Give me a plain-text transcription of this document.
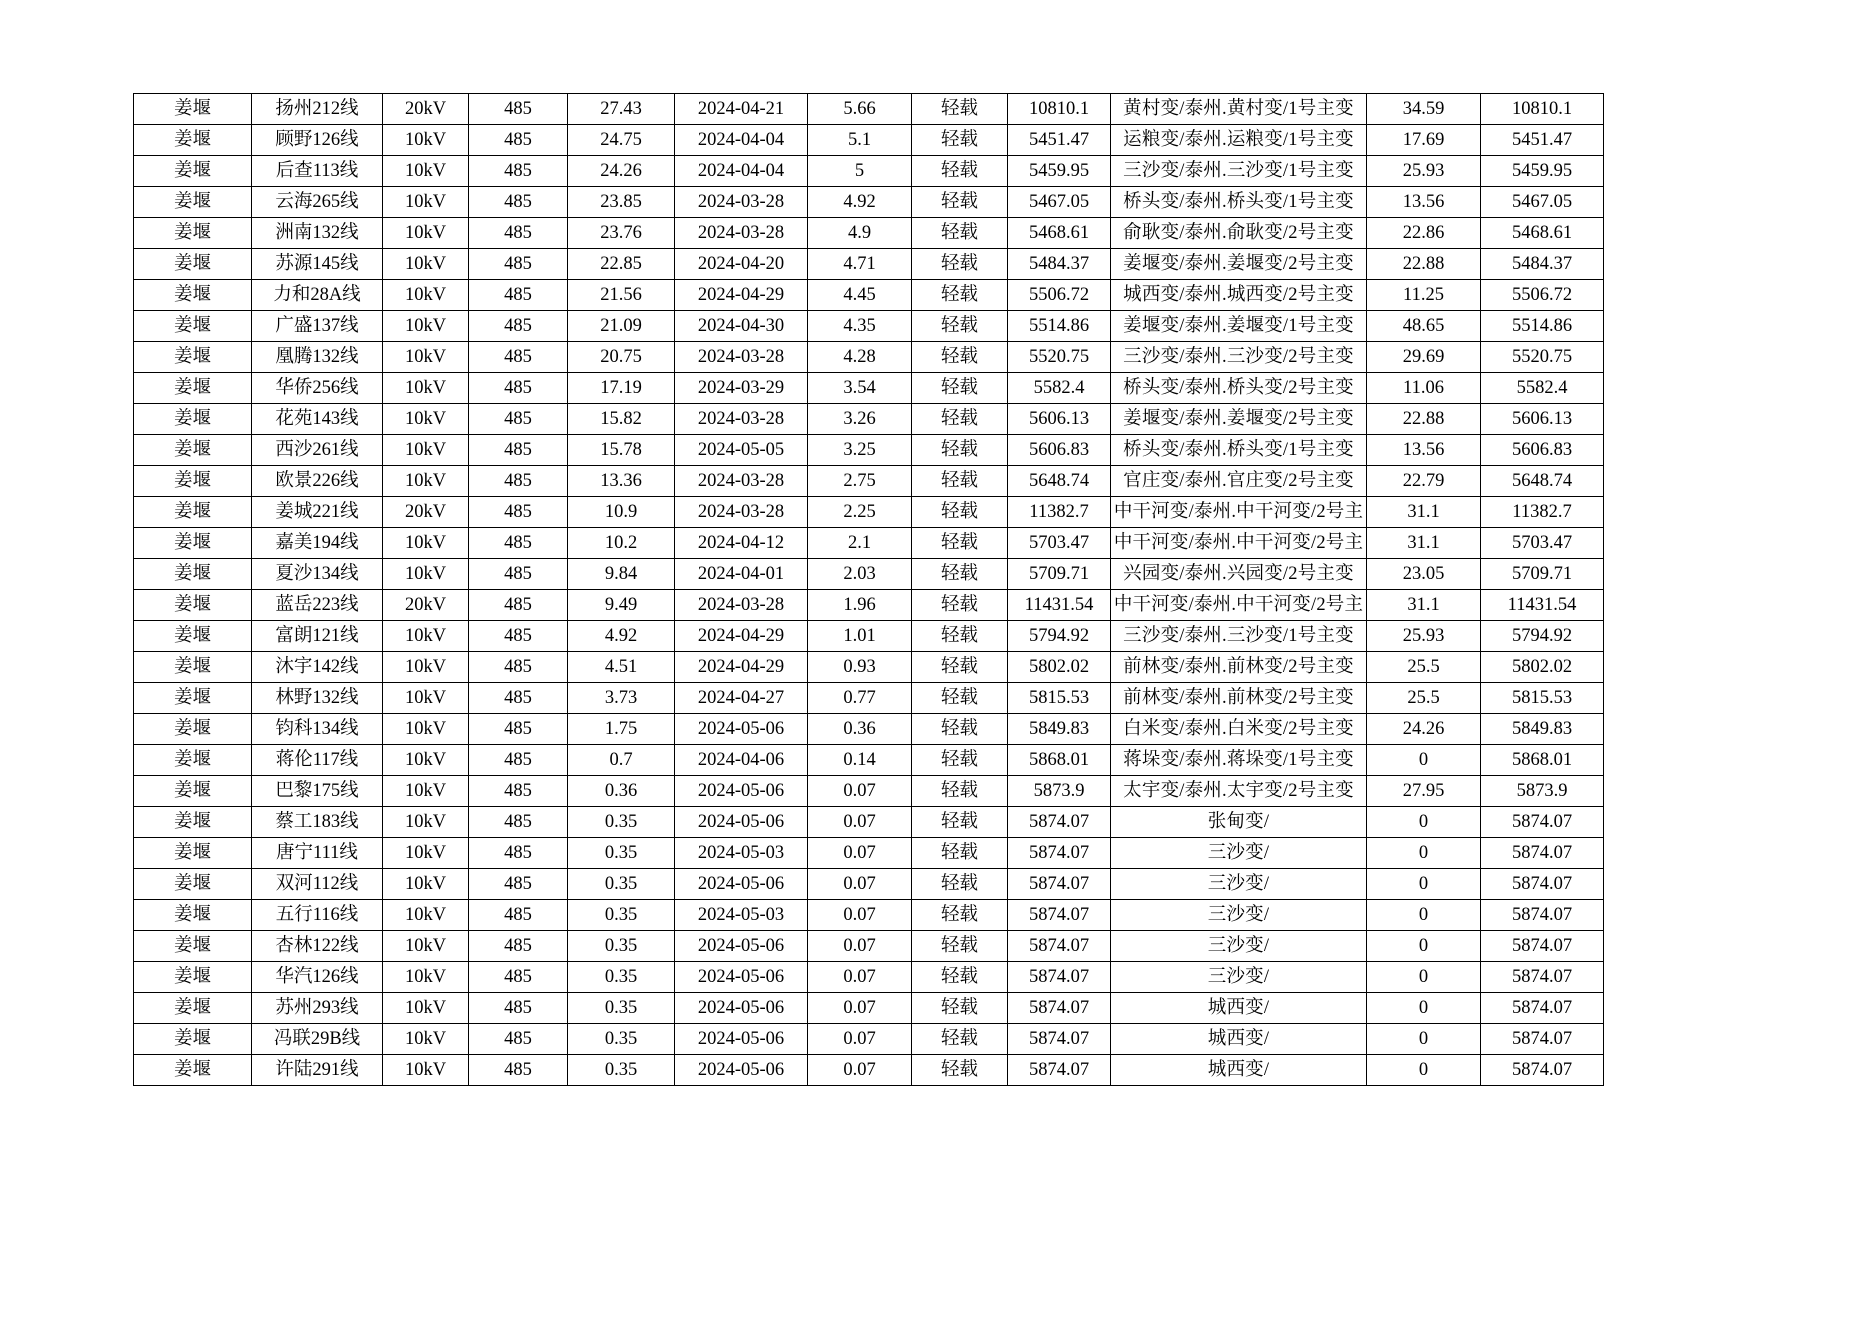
姜堰	扬州212线	20kV	485	27.43	2024-04-21	5.66	轻载	10810.1	黄村变/泰州.黄村变/1号主变	34.59	10810.1
姜堰	顾野126线	10kV	485	24.75	2024-04-04	5.1	轻载	5451.47	运粮变/泰州.运粮变/1号主变	17.69	5451.47
姜堰	后查113线	10kV	485	24.26	2024-04-04	5	轻载	5459.95	三沙变/泰州.三沙变/1号主变	25.93	5459.95
姜堰	云海265线	10kV	485	23.85	2024-03-28	4.92	轻载	5467.05	桥头变/泰州.桥头变/1号主变	13.56	5467.05
姜堰	洲南132线	10kV	485	23.76	2024-03-28	4.9	轻载	5468.61	俞耿变/泰州.俞耿变/2号主变	22.86	5468.61
姜堰	苏源145线	10kV	485	22.85	2024-04-20	4.71	轻载	5484.37	姜堰变/泰州.姜堰变/2号主变	22.88	5484.37
姜堰	力和28A线	10kV	485	21.56	2024-04-29	4.45	轻载	5506.72	城西变/泰州.城西变/2号主变	11.25	5506.72
姜堰	广盛137线	10kV	485	21.09	2024-04-30	4.35	轻载	5514.86	姜堰变/泰州.姜堰变/1号主变	48.65	5514.86
姜堰	凰腾132线	10kV	485	20.75	2024-03-28	4.28	轻载	5520.75	三沙变/泰州.三沙变/2号主变	29.69	5520.75
姜堰	华侨256线	10kV	485	17.19	2024-03-29	3.54	轻载	5582.4	桥头变/泰州.桥头变/2号主变	11.06	5582.4
姜堰	花苑143线	10kV	485	15.82	2024-03-28	3.26	轻载	5606.13	姜堰变/泰州.姜堰变/2号主变	22.88	5606.13
姜堰	西沙261线	10kV	485	15.78	2024-05-05	3.25	轻载	5606.83	桥头变/泰州.桥头变/1号主变	13.56	5606.83
姜堰	欧景226线	10kV	485	13.36	2024-03-28	2.75	轻载	5648.74	官庄变/泰州.官庄变/2号主变	22.79	5648.74
姜堰	姜城221线	20kV	485	10.9	2024-03-28	2.25	轻载	11382.7	中干河变/泰州.中干河变/2号主	31.1	11382.7
姜堰	嘉美194线	10kV	485	10.2	2024-04-12	2.1	轻载	5703.47	中干河变/泰州.中干河变/2号主	31.1	5703.47
姜堰	夏沙134线	10kV	485	9.84	2024-04-01	2.03	轻载	5709.71	兴园变/泰州.兴园变/2号主变	23.05	5709.71
姜堰	蓝岳223线	20kV	485	9.49	2024-03-28	1.96	轻载	11431.54	中干河变/泰州.中干河变/2号主	31.1	11431.54
姜堰	富朗121线	10kV	485	4.92	2024-04-29	1.01	轻载	5794.92	三沙变/泰州.三沙变/1号主变	25.93	5794.92
姜堰	沐宇142线	10kV	485	4.51	2024-04-29	0.93	轻载	5802.02	前林变/泰州.前林变/2号主变	25.5	5802.02
姜堰	林野132线	10kV	485	3.73	2024-04-27	0.77	轻载	5815.53	前林变/泰州.前林变/2号主变	25.5	5815.53
姜堰	钧科134线	10kV	485	1.75	2024-05-06	0.36	轻载	5849.83	白米变/泰州.白米变/2号主变	24.26	5849.83
姜堰	蒋伦117线	10kV	485	0.7	2024-04-06	0.14	轻载	5868.01	蒋垛变/泰州.蒋垛变/1号主变	0	5868.01
姜堰	巴黎175线	10kV	485	0.36	2024-05-06	0.07	轻载	5873.9	太宇变/泰州.太宇变/2号主变	27.95	5873.9
姜堰	蔡工183线	10kV	485	0.35	2024-05-06	0.07	轻载	5874.07	张甸变/	0	5874.07
姜堰	唐宁111线	10kV	485	0.35	2024-05-03	0.07	轻载	5874.07	三沙变/	0	5874.07
姜堰	双河112线	10kV	485	0.35	2024-05-06	0.07	轻载	5874.07	三沙变/	0	5874.07
姜堰	五行116线	10kV	485	0.35	2024-05-03	0.07	轻载	5874.07	三沙变/	0	5874.07
姜堰	杏林122线	10kV	485	0.35	2024-05-06	0.07	轻载	5874.07	三沙变/	0	5874.07
姜堰	华汽126线	10kV	485	0.35	2024-05-06	0.07	轻载	5874.07	三沙变/	0	5874.07
姜堰	苏州293线	10kV	485	0.35	2024-05-06	0.07	轻载	5874.07	城西变/	0	5874.07
姜堰	冯联29B线	10kV	485	0.35	2024-05-06	0.07	轻载	5874.07	城西变/	0	5874.07
姜堰	许陆291线	10kV	485	0.35	2024-05-06	0.07	轻载	5874.07	城西变/	0	5874.07
